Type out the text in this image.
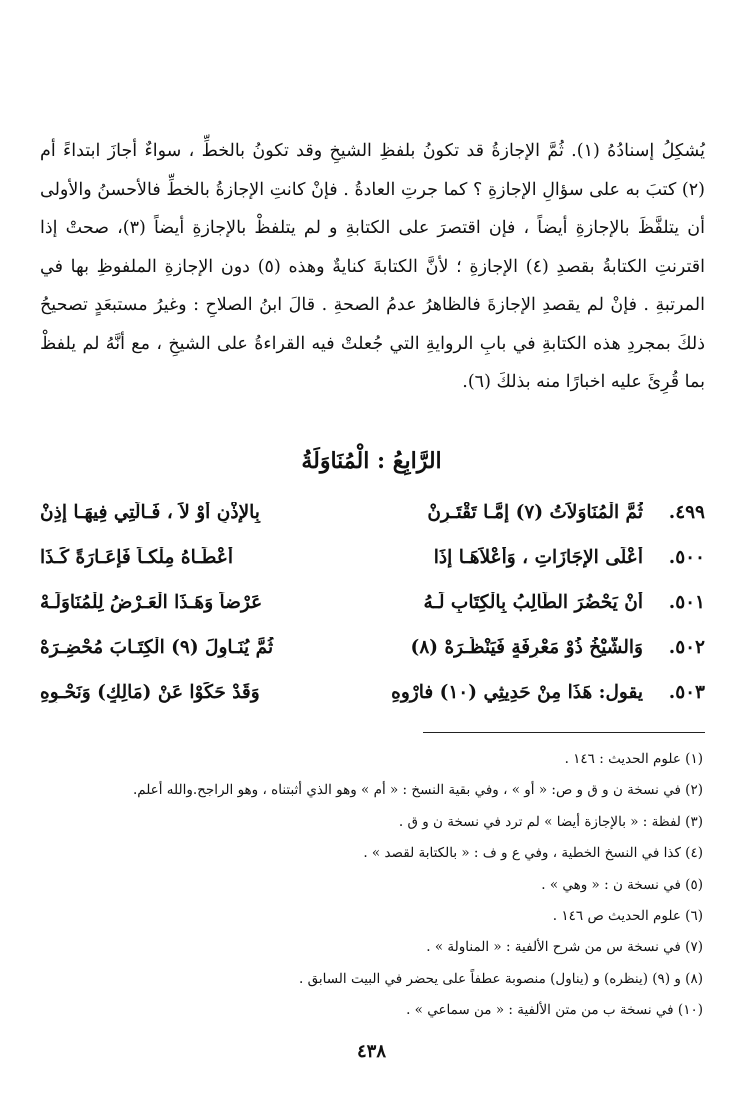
يُشكِلُ إسنادُهُ (١). ثُمَّ الإجازةُ قد تكونُ بلفظِ الشيخِ وقد تكونُ بالخطِّ ، سواءٌ أجازَ ابتداءً أم (٢) كتبَ به على سؤالِ الإجازةِ ؟ كما جرتِ العادةُ . فإنْ كانتِ الإجازةُ بالخطِّ فالأحسنُ والأولى أن يتلفَّظَ بالإجازةِ أيضاً ، فإن اقتصرَ على الكتابةِ و لم يتلفظْ بالإجازةِ أيضاً (٣)، صحتْ إذا اقترنتِ الكتابةُ بقصدِ (٤) الإجازةِ ؛ لأنَّ الكتابةَ كنايةٌ وهذه (٥) دون الإجازةِ الملفوظِ بها في المرتبةِ . فإنْ لم يقصدِ الإجازةَ فالظاهرُ عدمُ الصحةِ . قالَ ابنُ الصلاحِ : وغيرُ مستبعَدٍ تصحيحُ ذلكَ بمجردِ هذه الكتابةِ في بابِ الروايةِ التي جُعلتْ فيه القراءةُ على الشيخِ ، مع أنَّهُ لم يلفظْ بما قُرِئَ عليه اخبارًا منه بذلكَ (٦).
الرَّابِعُ : الْمُنَاوَلَةُ
٤٩٩.
ثُمَّ الْمُنَاوَلاَتُ (٧) إِمَّـا تَقْتَـرِنْ
بِالإِذْنِ أَوْ لاَ ، فَـالَّتِي فِيهَـا إِذِنْ
٥٠٠.
أَعْلَى الإِجَازَاتِ ، وَأَعْلاَهَـا إِذَا
أَعْطَـاهُ مِلْكـاً فَإِعَـارَةً كَـذَا
٥٠١.
أَنْ يَحْضُرَ الطَّالِبُ بِالْكِتَابِ لَـهُ
عَرْضاً وَهَـذَا الْعَـرْضُ لِلْمُنَاوَلَـهْ
٥٠٢.
وَالشَّيْخُ ذُوْ مَعْرِفَةٍ فَيَنْظُـرَهْ (٨)
ثُمَّ يُنَـاوِلَ (٩) الْكِتَـابَ مُحْضِـرَهْ
٥٠٣.
يقول: هَذَا مِنْ حَدِيثِي (١٠) فارْوِهِ
وَقَدْ حَكَوْا عَنْ (مَالِكٍ) وَنَحْـوِهِ
(١) علوم الحديث : ١٤٦ .
(٢) في نسخة ن و ق و ص: « أو » ، وفي بقية النسخ : « أم » وهو الذي أثبتناه ، وهو الراجح.والله أعلم.
(٣) لفظة : « بالإجازة أيضا » لم ترد في نسخة ن و ق .
(٤) كذا في النسخ الخطية ، وفي ع و ف : « بالكتابة لقصد » .
(٥) في نسخة ن : « وهي » .
(٦) علوم الحديث ص ١٤٦ .
(٧) في نسخة س من شرح الألفية : « المناولة » .
(٨) و (٩) (ينظره) و (يناول) منصوبة عطفاً على يحضر في البيت السابق .
(١٠) في نسخة ب من متن الألفية : « من سماعي » .
٤٣٨
